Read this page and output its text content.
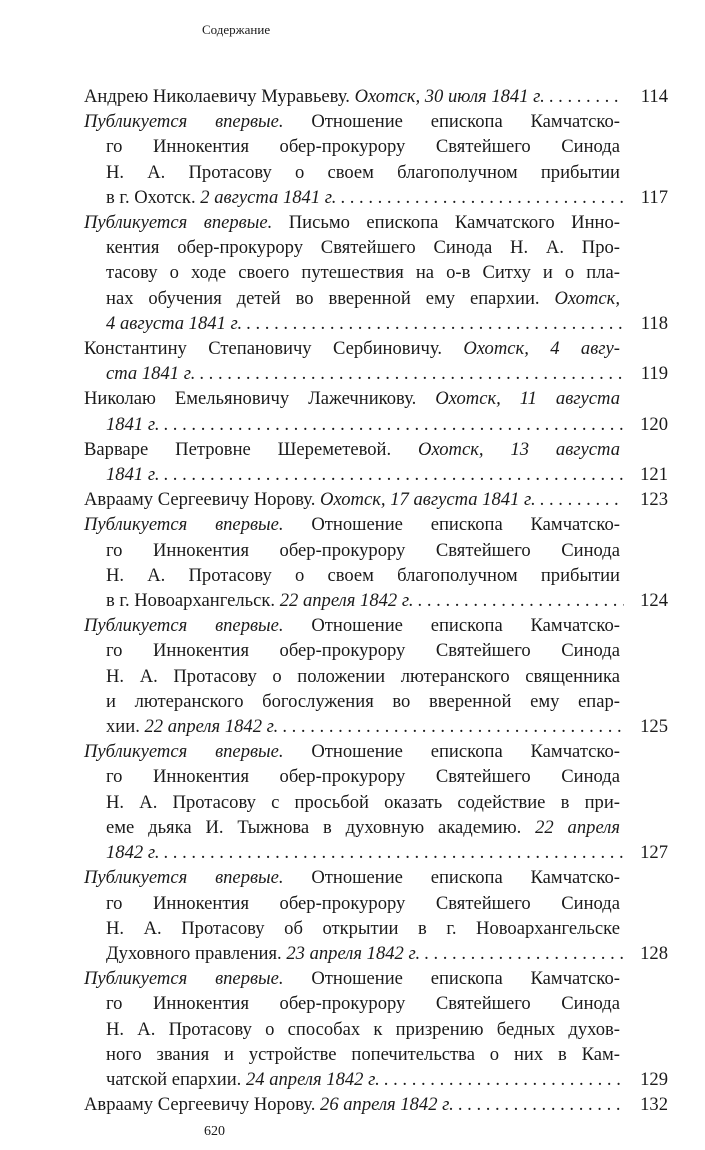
Содержание
Андрею Николаевичу Муравьеву. Охотск, 30 июля 1841 г. . . .	114
Публикуется впервые. Отношение епископа Камчатско-
го Иннокентия обер-прокурору Святейшего Синода
Н. А. Протасову о своем благополучном прибытии
в г. Охотск. 2 августа 1841 г. . . .	117
Публикуется впервые. Письмо епископа Камчатского Инно-
кентия обер-прокурору Святейшего Синода Н. А. Про-
тасову о ходе своего путешествия на о-в Ситху и о пла-
нах обучения детей во вверенной ему епархии. Охотск,
4 августа 1841 г. . . .	118
Константину Степановичу Сербиновичу. Охотск, 4 авгу-
ста 1841 г. . . .	119
Николаю Емельяновичу Лажечникову. Охотск, 11 августа
1841 г. . . .	120
Варваре Петровне Шереметевой. Охотск, 13 августа
1841 г. . . .	121
Аврааму Сергеевичу Норову. Охотск, 17 августа 1841 г. . . .	123
Публикуется впервые. Отношение епископа Камчатско-
го Иннокентия обер-прокурору Святейшего Синода
Н. А. Протасову о своем благополучном прибытии
в г. Новоархангельск. 22 апреля 1842 г. . . .	124
Публикуется впервые. Отношение епископа Камчатско-
го Иннокентия обер-прокурору Святейшего Синода
Н. А. Протасову о положении лютеранского священника
и лютеранского богослужения во вверенной ему епар-
хии. 22 апреля 1842 г. . . .	125
Публикуется впервые. Отношение епископа Камчатско-
го Иннокентия обер-прокурору Святейшего Синода
Н. А. Протасову с просьбой оказать содействие в при-
еме дьяка И. Тыжнова в духовную академию. 22 апреля
1842 г. . . .	127
Публикуется впервые. Отношение епископа Камчатско-
го Иннокентия обер-прокурору Святейшего Синода
Н. А. Протасову об открытии в г. Новоархангельске
Духовного правления. 23 апреля 1842 г. . . .	128
Публикуется впервые. Отношение епископа Камчатско-
го Иннокентия обер-прокурору Святейшего Синода
Н. А. Протасову о способах к призрению бедных духов-
ного звания и устройстве попечительства о них в Кам-
чатской епархии. 24 апреля 1842 г. . . .	129
Аврааму Сергеевичу Норову. 26 апреля 1842 г. . . .	132
620
